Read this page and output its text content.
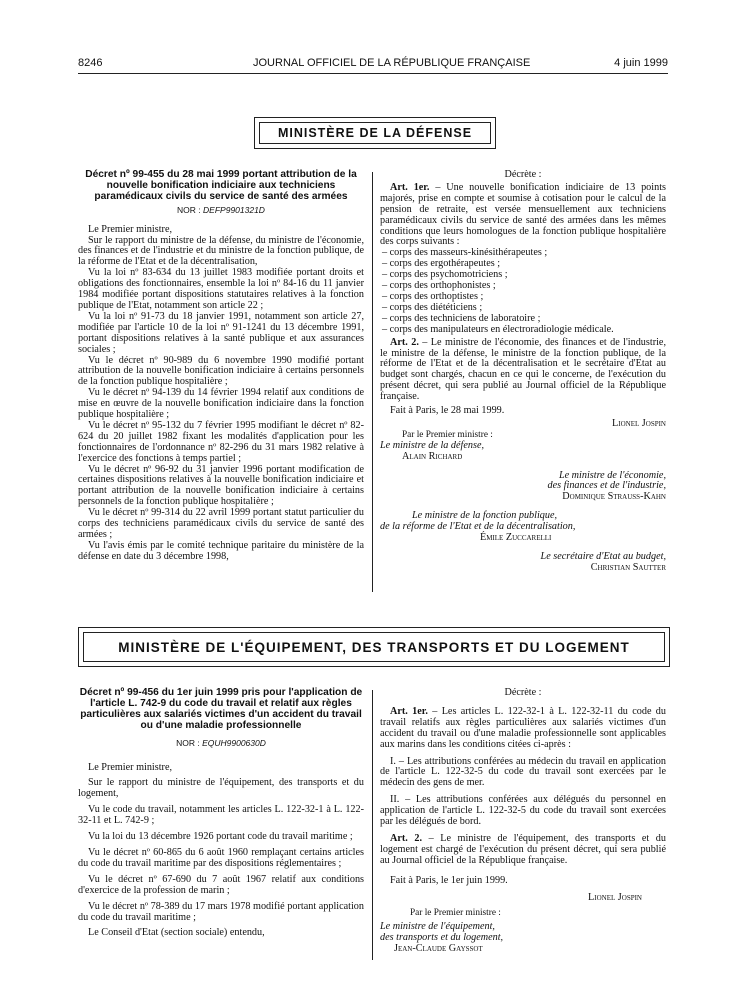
8246	JOURNAL OFFICIEL DE LA RÉPUBLIQUE FRANÇAISE	4 juin 1999
MINISTÈRE DE LA DÉFENSE
Décret nº 99-455 du 28 mai 1999 portant attribution de la nouvelle bonification indiciaire aux techniciens paramédicaux civils du service de santé des armées
NOR : DEFP9901321D

Le Premier ministre,

Sur le rapport du ministre de la défense, du ministre de l'économie, des finances et de l'industrie et du ministre de la fonction publique, de la réforme de l'Etat et de la décentralisation,

Vu la loi nº 83-634 du 13 juillet 1983 modifiée portant droits et obligations des fonctionnaires, ensemble la loi nº 84-16 du 11 janvier 1984 modifiée portant dispositions statutaires relatives à la fonction publique de l'Etat, notamment son article 22 ;

Vu la loi nº 91-73 du 18 janvier 1991, notamment son article 27, modifiée par l'article 10 de la loi nº 91-1241 du 13 décembre 1991, portant dispositions relatives à la santé publique et aux assurances sociales ;

Vu le décret nº 90-989 du 6 novembre 1990 modifié portant attribution de la nouvelle bonification indiciaire à certains personnels de la fonction publique hospitalière ;

Vu le décret nº 94-139 du 14 février 1994 relatif aux conditions de mise en œuvre de la nouvelle bonification indiciaire dans la fonction publique hospitalière ;

Vu le décret nº 95-132 du 7 février 1995 modifiant le décret nº 82-624 du 20 juillet 1982 fixant les modalités d'application pour les fonctionnaires de l'ordonnance nº 82-296 du 31 mars 1982 relative à l'exercice des fonctions à temps partiel ;

Vu le décret nº 96-92 du 31 janvier 1996 portant modification de certaines dispositions relatives à la nouvelle bonification indiciaire et portant attribution de la nouvelle bonification indiciaire à certains personnels de la fonction publique hospitalière ;

Vu le décret nº 99-314 du 22 avril 1999 portant statut particulier du corps des techniciens paramédicaux civils du service de santé des armées ;

Vu l'avis émis par le comité technique paritaire du ministère de la défense en date du 3 décembre 1998,

Décrète :

Art. 1er. – Une nouvelle bonification indiciaire de 13 points majorés, prise en compte et soumise à cotisation pour le calcul de la pension de retraite, est versée mensuellement aux techniciens paramédicaux civils du service de santé des armées dans les mêmes conditions que leurs homologues de la fonction publique hospitalière des corps suivants :

– corps des masseurs-kinésithérapeutes ;
– corps des ergothérapeutes ;
– corps des psychomotriciens ;
– corps des orthophonistes ;
– corps des orthoptistes ;
– corps des diététiciens ;
– corps des techniciens de laboratoire ;
– corps des manipulateurs en électroradiologie médicale.

Art. 2. – Le ministre de l'économie, des finances et de l'industrie, le ministre de la défense, le ministre de la fonction publique, de la réforme de l'Etat et de la décentralisation et le secrétaire d'Etat au budget sont chargés, chacun en ce qui le concerne, de l'exécution du présent décret, qui sera publié au Journal officiel de la République française.

Fait à Paris, le 28 mai 1999.

Lionel Jospin

Par le Premier ministre :

Le ministre de la défense,

Alain Richard

Le ministre de l'économie,

des finances et de l'industrie,

Dominique Strauss-Kahn

Le ministre de la fonction publique,

de la réforme de l'Etat et de la décentralisation,

Émile Zuccarelli

Le secrétaire d'Etat au budget,

Christian Sautter

MINISTÈRE DE L'ÉQUIPEMENT, DES TRANSPORTS ET DU LOGEMENT
Décret nº 99-456 du 1er juin 1999 pris pour l'application de l'article L. 742-9 du code du travail et relatif aux règles particulières aux salariés victimes d'un accident du travail ou d'une maladie professionnelle
NOR : EQUH9900630D

Le Premier ministre,

Sur le rapport du ministre de l'équipement, des transports et du logement,

Vu le code du travail, notamment les articles L. 122-32-1 à L. 122-32-11 et L. 742-9 ;

Vu la loi du 13 décembre 1926 portant code du travail maritime ;

Vu le décret nº 60-865 du 6 août 1960 remplaçant certains articles du code du travail maritime par des dispositions réglementaires ;

Vu le décret nº 67-690 du 7 août 1967 relatif aux conditions d'exercice de la profession de marin ;

Vu le décret nº 78-389 du 17 mars 1978 modifié portant application du code du travail maritime ;

Le Conseil d'Etat (section sociale) entendu,

Décrète :

Art. 1er. – Les articles L. 122-32-1 à L. 122-32-11 du code du travail relatifs aux règles particulières aux salariés victimes d'un accident du travail ou d'une maladie professionnelle sont applicables aux marins dans les conditions citées ci-après :

I. – Les attributions conférées au médecin du travail en application de l'article L. 122-32-5 du code du travail sont exercées par le médecin des gens de mer.

II. – Les attributions conférées aux délégués du personnel en application de l'article L. 122-32-5 du code du travail sont exercées par les délégués de bord.

Art. 2. – Le ministre de l'équipement, des transports et du logement est chargé de l'exécution du présent décret, qui sera publié au Journal officiel de la République française.

Fait à Paris, le 1er juin 1999.

Lionel Jospin

Par le Premier ministre :

Le ministre de l'équipement,

des transports et du logement,

Jean-Claude Gayssot
